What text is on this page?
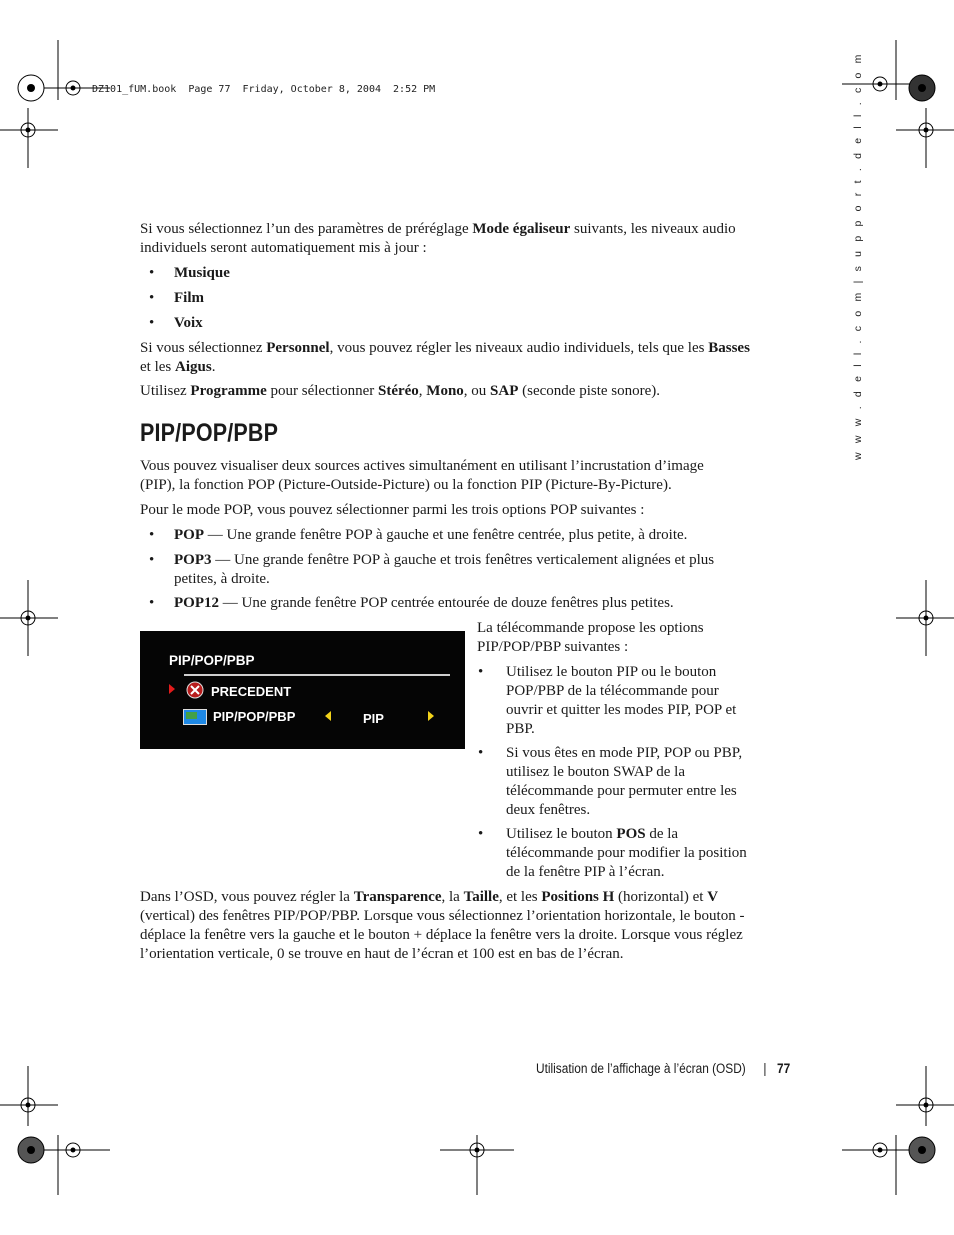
DZ101_fUM.book  Page 77  Friday, October 8, 2004  2:52 PM	w w w . d e l l . c o m | s u p p o r t . d e l l . c o m

Si vous sélectionnez l’un des paramètres de préréglage Mode égaliseur suivants, les niveaux audio individuels seront automatiquement mis à jour :

• Musique
• Film
• Voix

Si vous sélectionnez Personnel, vous pouvez régler les niveaux audio individuels, tels que les Basses et les Aigus.

Utilisez Programme pour sélectionner Stéréo, Mono, ou SAP (seconde piste sonore).

PIP/POP/PBP

Vous pouvez visualiser deux sources actives simultanément en utilisant l’incrustation d’image (PIP), la fonction POP (Picture-Outside-Picture) ou la fonction PIP (Picture-By-Picture).

Pour le mode POP, vous pouvez sélectionner parmi les trois options POP suivantes :

• POP — Une grande fenêtre POP à gauche et une fenêtre centrée, plus petite, à droite.
• POP3 — Une grande fenêtre POP à gauche et trois fenêtres verticalement alignées et plus petites, à droite.
• POP12 — Une grande fenêtre POP centrée entourée de douze fenêtres plus petites.
PIP/POP/PBP
PRECEDENT
PIP/POP/PBP	PIP

La télécommande propose les options PIP/POP/PBP suivantes :

• Utilisez le bouton PIP ou le bouton POP/PBP de la télécommande pour ouvrir et quitter les modes PIP, POP et PBP.
• Si vous êtes en mode PIP, POP ou PBP, utilisez le bouton SWAP de la télécommande pour permuter entre les deux fenêtres.
• Utilisez le bouton POS de la télécommande pour modifier la position de la fenêtre PIP à l’écran.

Dans l’OSD, vous pouvez régler la Transparence, la Taille, et les Positions H (horizontal) et V (vertical) des fenêtres PIP/POP/PBP. Lorsque vous sélectionnez l’orientation horizontale, le bouton - déplace la fenêtre vers la gauche et le bouton + déplace la fenêtre vers la droite. Lorsque vous réglez l’orientation verticale, 0 se trouve en haut de l’écran et 100 est en bas de l’écran.

Utilisation de l’affichage à l’écran (OSD) | 77
